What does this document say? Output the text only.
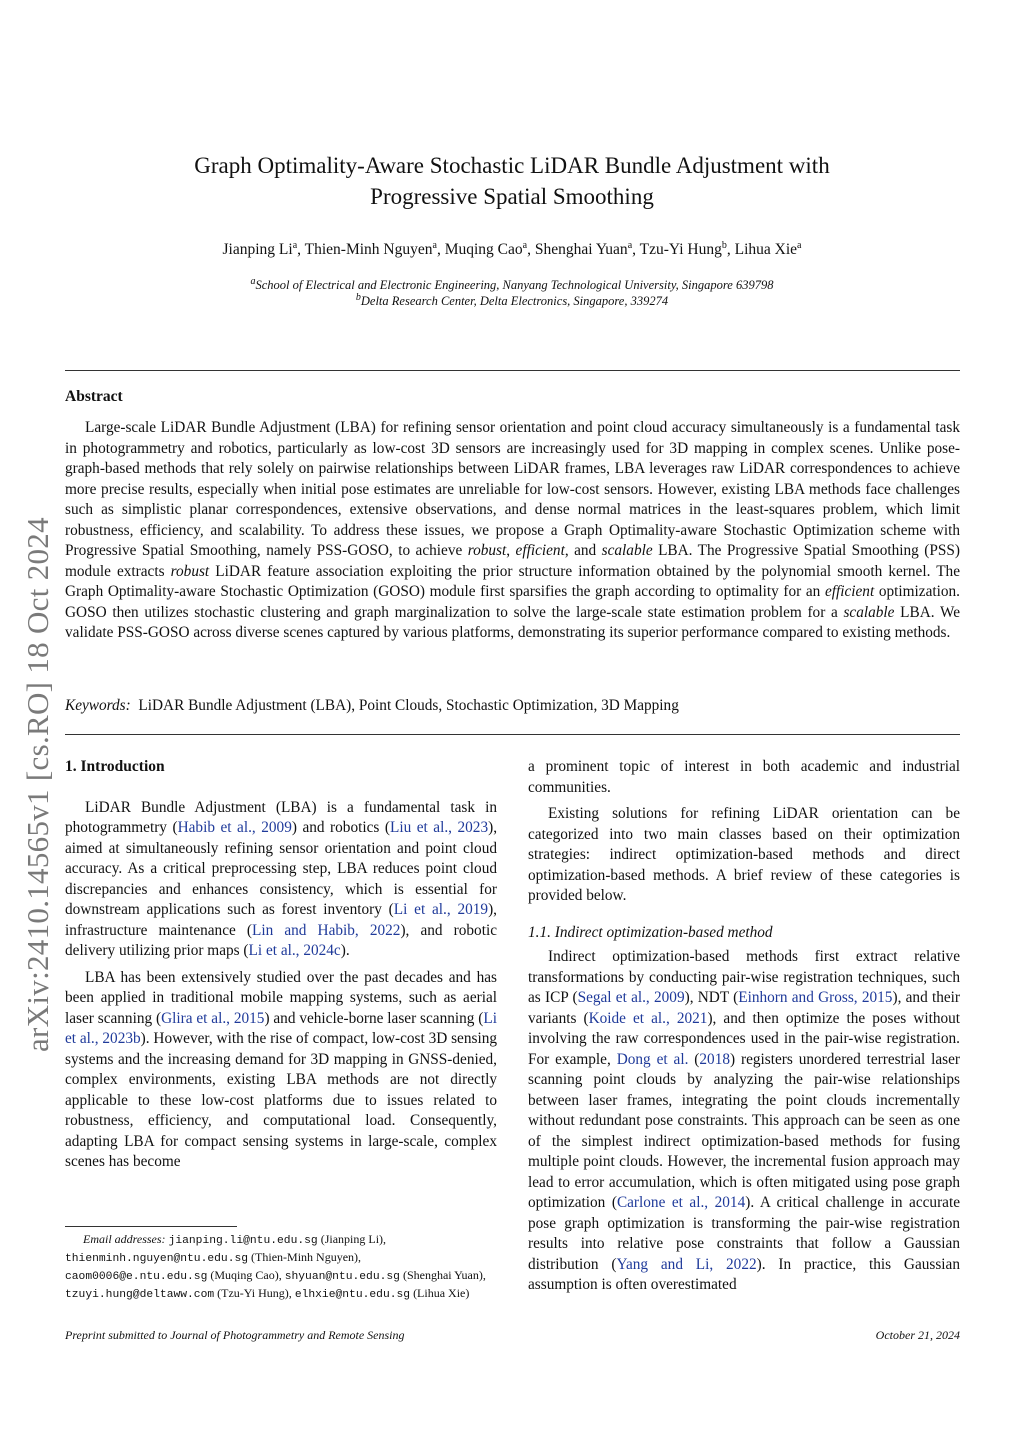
arXiv:2410.14565v1 [cs.RO] 18 Oct 2024
Graph Optimality-Aware Stochastic LiDAR Bundle Adjustment with
Progressive Spatial Smoothing
Jianping Li$^a$, Thien-Minh Nguyen$^a$, Muqing Cao$^a$, Shenghai Yuan$^a$, Tzu-Yi Hung$^b$, Lihua Xie$^a$
$^a$School of Electrical and Electronic Engineering, Nanyang Technological University, Singapore 639798
$^b$Delta Research Center, Delta Electronics, Singapore, 339274
Abstract
Large-scale LiDAR Bundle Adjustment (LBA) for refining sensor orientation and point cloud accuracy simultaneously is a fundamental task in photogrammetry and robotics, particularly as low-cost 3D sensors are increasingly used for 3D mapping in complex scenes. Unlike pose-graph-based methods that rely solely on pairwise relationships between LiDAR frames, LBA leverages raw LiDAR correspondences to achieve more precise results, especially when initial pose estimates are unreliable for low-cost sensors. However, existing LBA methods face challenges such as simplistic planar correspondences, extensive observations, and dense normal matrices in the least-squares problem, which limit robustness, efficiency, and scalability. To address these issues, we propose a Graph Optimality-aware Stochastic Optimization scheme with Progressive Spatial Smoothing, namely PSS-GOSO, to achieve robust, efficient, and scalable LBA. The Progressive Spatial Smoothing (PSS) module extracts robust LiDAR feature association exploiting the prior structure information obtained by the polynomial smooth kernel. The Graph Optimality-aware Stochastic Optimization (GOSO) module first sparsifies the graph according to optimality for an efficient optimization. GOSO then utilizes stochastic clustering and graph marginalization to solve the large-scale state estimation problem for a scalable LBA. We validate PSS-GOSO across diverse scenes captured by various platforms, demonstrating its superior performance compared to existing methods.
Keywords: LiDAR Bundle Adjustment (LBA), Point Clouds, Stochastic Optimization, 3D Mapping
1. Introduction

LiDAR Bundle Adjustment (LBA) is a fundamental task in photogrammetry (Habib et al., 2009) and robotics (Liu et al., 2023), aimed at simultaneously refining sensor orientation and point cloud accuracy. As a critical preprocessing step, LBA reduces point cloud discrepancies and enhances consistency, which is essential for downstream applications such as forest inventory (Li et al., 2019), infrastructure maintenance (Lin and Habib, 2022), and robotic delivery utilizing prior maps (Li et al., 2024c).

LBA has been extensively studied over the past decades and has been applied in traditional mobile mapping systems, such as aerial laser scanning (Glira et al., 2015) and vehicle-borne laser scanning (Li et al., 2023b). However, with the rise of compact, low-cost 3D sensing systems and the increasing demand for 3D mapping in GNSS-denied, complex environments, existing LBA methods are not directly applicable to these low-cost platforms due to issues related to robustness, efficiency, and computational load. Consequently, adapting LBA for compact sensing systems in large-scale, complex scenes has become

a prominent topic of interest in both academic and industrial communities.

Existing solutions for refining LiDAR orientation can be categorized into two main classes based on their optimization strategies: indirect optimization-based methods and direct optimization-based methods. A brief review of these categories is provided below.

1.1. Indirect optimization-based method

Indirect optimization-based methods first extract relative transformations by conducting pair-wise registration techniques, such as ICP (Segal et al., 2009), NDT (Einhorn and Gross, 2015), and their variants (Koide et al., 2021), and then optimize the poses without involving the raw correspondences used in the pair-wise registration. For example, Dong et al. (2018) registers unordered terrestrial laser scanning point clouds by analyzing the pair-wise relationships between laser frames, integrating the point clouds incrementally without redundant pose constraints. This approach can be seen as one of the simplest indirect optimization-based methods for fusing multiple point clouds. However, the incremental fusion approach may lead to error accumulation, which is often mitigated using pose graph optimization (Carlone et al., 2014). A critical challenge in accurate pose graph optimization is transforming the pair-wise registration results into relative pose constraints that follow a Gaussian distribution (Yang and Li, 2022). In practice, this Gaussian assumption is often overestimated

Email addresses: jianping.li@ntu.edu.sg (Jianping Li),
thienminh.nguyen@ntu.edu.sg (Thien-Minh Nguyen),
caom0006@e.ntu.edu.sg (Muqing Cao), shyuan@ntu.edu.sg (Shenghai Yuan), tzuyi.hung@deltaww.com (Tzu-Yi Hung), elhxie@ntu.edu.sg (Lihua Xie)
Preprint submitted to Journal of Photogrammetry and Remote Sensing	October 21, 2024
